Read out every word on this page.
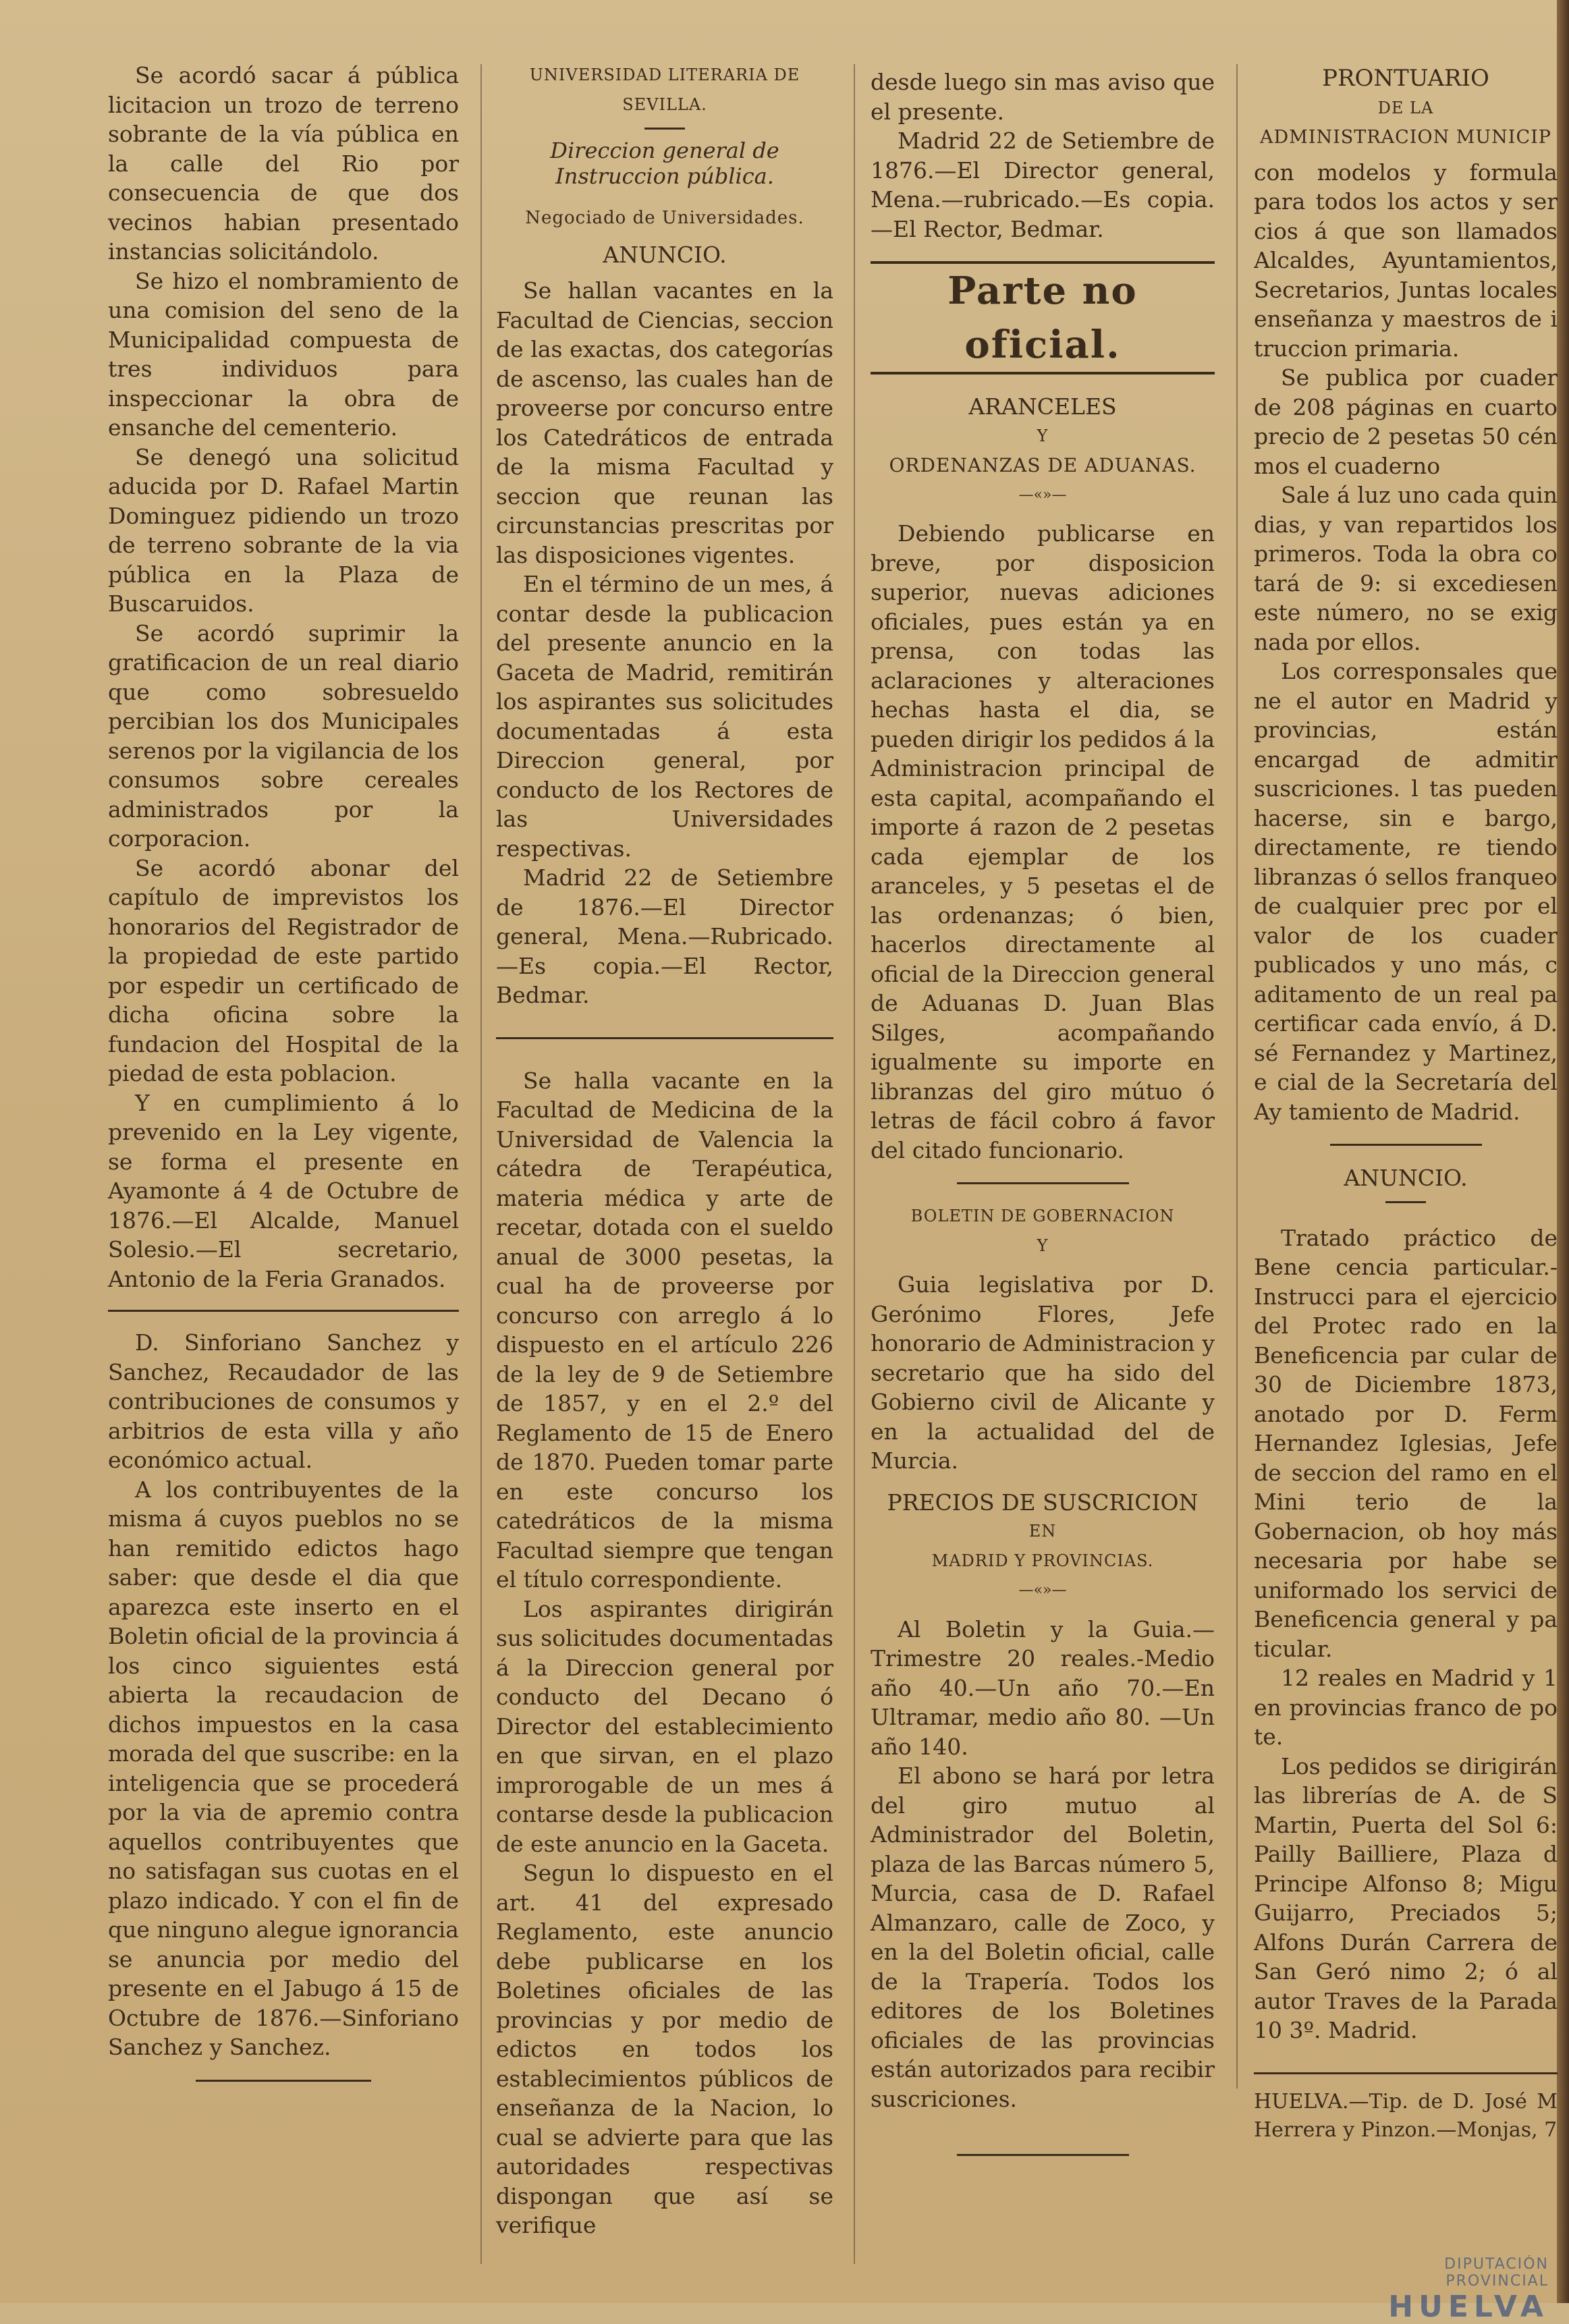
Se acordó sacar á pública licitacion un trozo de terreno sobrante de la vía pública en la calle del Rio por consecuencia de que dos vecinos habian presentado instancias solicitándolo.

Se hizo el nombramiento de una comision del seno de la Municipalidad compuesta de tres individuos para inspeccionar la obra de ensanche del cementerio.

Se denegó una solicitud aducida por D. Rafael Martin Dominguez pidiendo un trozo de terreno sobrante de la via pública en la Plaza de Buscaruidos.

Se acordó suprimir la gratificacion de un real diario que como sobresueldo percibian los dos Municipales serenos por la vigilancia de los consumos sobre cereales administrados por la corporacion.

Se acordó abonar del capítulo de imprevistos los honorarios del Registrador de la propiedad de este partido por espedir un certificado de dicha oficina sobre la fundacion del Hospital de la piedad de esta poblacion.

Y en cumplimiento á lo prevenido en la Ley vigente, se forma el presente en Ayamonte á 4 de Octubre de 1876.—El Alcalde, Manuel Solesio.—El secretario, Antonio de la Feria Granados.

D. Sinforiano Sanchez y Sanchez, Recaudador de las contribuciones de consumos y arbitrios de esta villa y año económico actual.

A los contribuyentes de la misma á cuyos pueblos no se han remitido edictos hago saber: que desde el dia que aparezca este inserto en el Boletin oficial de la provincia á los cinco siguientes está abierta la recaudacion de dichos impuestos en la casa morada del que suscribe: en la inteligencia que se procederá por la via de apremio contra aquellos contribuyentes que no satisfagan sus cuotas en el plazo indicado. Y con el fin de que ninguno alegue ignorancia se anuncia por medio del presente en el Jabugo á 15 de Octubre de 1876.—Sinforiano Sanchez y Sanchez.

UNIVERSIDAD LITERARIA DE
SEVILLA.
Direccion general de Instruccion pública.
Negociado de Universidades.
ANUNCIO.

Se hallan vacantes en la Facultad de Ciencias, seccion de las exactas, dos categorías de ascenso, las cuales han de proveerse por concurso entre los Catedráticos de entrada de la misma Facultad y seccion que reunan las circunstancias prescritas por las disposiciones vigentes.

En el término de un mes, á contar desde la publicacion del presente anuncio en la Gaceta de Madrid, remitirán los aspirantes sus solicitudes documentadas á esta Direccion general, por conducto de los Rectores de las Universidades respectivas.

Madrid 22 de Setiembre de 1876.—El Director general, Mena.—Rubricado.—Es copia.—El Rector, Bedmar.

Se halla vacante en la Facultad de Medicina de la Universidad de Valencia la cátedra de Terapéutica, materia médica y arte de recetar, dotada con el sueldo anual de 3000 pesetas, la cual ha de proveerse por concurso con arreglo á lo dispuesto en el artículo 226 de la ley de 9 de Setiembre de 1857, y en el 2.º del Reglamento de 15 de Enero de 1870. Pueden tomar parte en este concurso los catedráticos de la misma Facultad siempre que tengan el título correspondiente.

Los aspirantes dirigirán sus solicitudes documentadas á la Direccion general por conducto del Decano ó Director del establecimiento en que sirvan, en el plazo improrogable de un mes á contarse desde la publicacion de este anuncio en la Gaceta.

Segun lo dispuesto en el art. 41 del expresado Reglamento, este anuncio debe publicarse en los Boletines oficiales de las provincias y por medio de edictos en todos los establecimientos públicos de enseñanza de la Nacion, lo cual se advierte para que las autoridades respectivas dispongan que así se verifique

desde luego sin mas aviso que el presente.

Madrid 22 de Setiembre de 1876.—El Director general, Mena.—rubricado.—Es copia.—El Rector, Bedmar.

Parte no oficial.
ARANCELES
Y
ORDENANZAS DE ADUANAS.
—«»—

Debiendo publicarse en breve, por disposicion superior, nuevas adiciones oficiales, pues están ya en prensa, con todas las aclaraciones y alteraciones hechas hasta el dia, se pueden dirigir los pedidos á la Administracion principal de esta capital, acompañando el importe á razon de 2 pesetas cada ejemplar de los aranceles, y 5 pesetas el de las ordenanzas; ó bien, hacerlos directamente al oficial de la Direccion general de Aduanas D. Juan Blas Silges, acompañando igualmente su importe en libranzas del giro mútuo ó letras de fácil cobro á favor del citado funcionario.

BOLETIN DE GOBERNACION
Y

Guia legislativa por D. Gerónimo Flores, Jefe honorario de Administracion y secretario que ha sido del Gobierno civil de Alicante y en la actualidad del de Murcia.

PRECIOS DE SUSCRICION
EN
MADRID Y PROVINCIAS.
—«»—

Al Boletin y la Guia.—Trimestre 20 reales.-Medio año 40.—Un año 70.—En Ultramar, medio año 80. —Un año 140.

El abono se hará por letra del giro mutuo al Administrador del Boletin, plaza de las Barcas número 5, Murcia, casa de D. Rafael Almanzaro, calle de Zoco, y en la del Boletin oficial, calle de la Trapería. Todos los editores de los Boletines oficiales de las provincias están autorizados para recibir suscriciones.

PRONTUARIO
DE LA
ADMINISTRACION MUNICIP

con modelos y formula para todos los actos y ser cios á que son llamados Alcaldes, Ayuntamientos, Secretarios, Juntas locales enseñanza y maestros de i truccion primaria.

Se publica por cuader de 208 páginas en cuarto precio de 2 pesetas 50 cén mos el cuaderno

Sale á luz uno cada quin dias, y van repartidos los primeros. Toda la obra co tará de 9: si excediesen este número, no se exig nada por ellos.

Los corresponsales que ne el autor en Madrid y provincias, están encargad de admitir suscriciones. l tas pueden hacerse, sin e bargo, directamente, re tiendo libranzas ó sellos franqueo de cualquier prec por el valor de los cuader publicados y uno más, c aditamento de un real pa certificar cada envío, á D. sé Fernandez y Martinez, e cial de la Secretaría del Ay tamiento de Madrid.

ANUNCIO.

Tratado práctico de Bene cencia particular.-Instrucci para el ejercicio del Protec rado en la Beneficencia par cular de 30 de Diciembre 1873, anotado por D. Ferm Hernandez Iglesias, Jefe de seccion del ramo en el Mini terio de la Gobernacion, ob hoy más necesaria por habe se uniformado los servici de Beneficencia general y pa ticular.

12 reales en Madrid y 1 en provincias franco de po te.

Los pedidos se dirigirán las librerías de A. de S Martin, Puerta del Sol 6: Pailly Bailliere, Plaza d Principe Alfonso 8; Migu Guijarro, Preciados 5; Alfons Durán Carrera de San Geró nimo 2; ó al autor Traves de la Parada 10 3º. Madrid.

HUELVA.—Tip. de D. José M Herrera y Pinzon.—Monjas, 7
DIPUTACIÓN PROVINCIAL
HUELVA
